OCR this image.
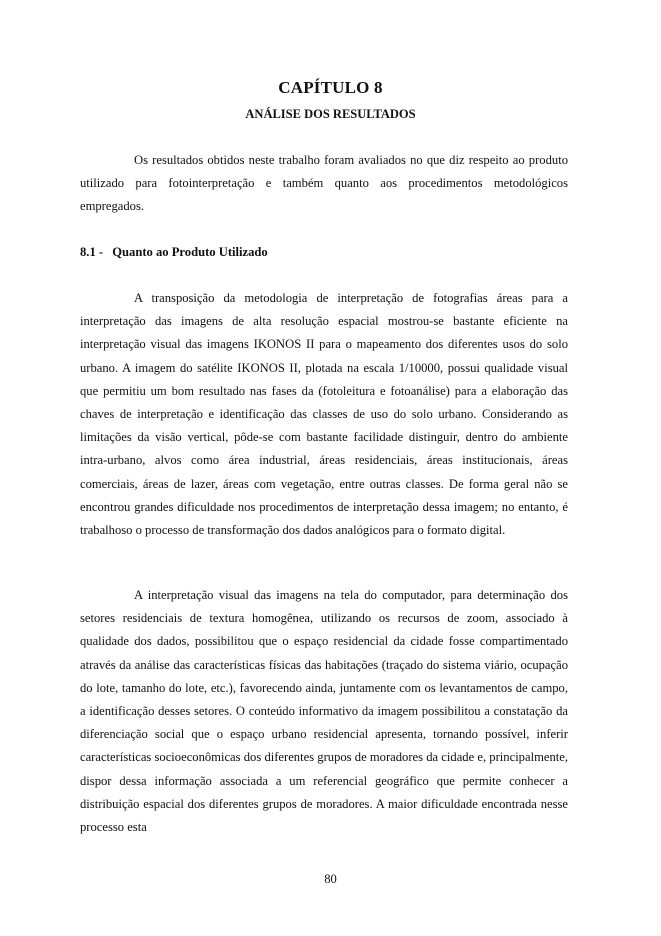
CAPÍTULO 8
ANÁLISE DOS RESULTADOS

Os resultados obtidos neste trabalho foram avaliados no que diz respeito ao produto utilizado para fotointerpretação e também quanto aos procedimentos metodológicos empregados.

8.1 - Quanto ao Produto Utilizado

A transposição da metodologia de interpretação de fotografias áreas para a interpretação das imagens de alta resolução espacial mostrou-se bastante eficiente na interpretação visual das imagens IKONOS II para o mapeamento dos diferentes usos do solo urbano. A imagem do satélite IKONOS II, plotada na escala 1/10000, possui qualidade visual que permitiu um bom resultado nas fases da (fotoleitura e fotoanálise) para a elaboração das chaves de interpretação e identificação das classes de uso do solo urbano. Considerando as limitações da visão vertical, pôde-se com bastante facilidade distinguir, dentro do ambiente intra-urbano, alvos como área industrial, áreas residenciais, áreas institucionais, áreas comerciais, áreas de lazer, áreas com vegetação, entre outras classes. De forma geral não se encontrou grandes dificuldade nos procedimentos de interpretação dessa imagem; no entanto, é trabalhoso o processo de transformação dos dados analógicos para o formato digital.

A interpretação visual das imagens na tela do computador, para determinação dos setores residenciais de textura homogênea, utilizando os recursos de zoom, associado à qualidade dos dados, possibilitou que o espaço residencial da cidade fosse compartimentado através da análise das características físicas das habitações (traçado do sistema viário, ocupação do lote, tamanho do lote, etc.), favorecendo ainda, juntamente com os levantamentos de campo, a identificação desses setores. O conteúdo informativo da imagem possibilitou a constatação da diferenciação social que o espaço urbano residencial apresenta, tornando possível, inferir características socioeconômicas dos diferentes grupos de moradores da cidade e, principalmente, dispor dessa informação associada a um referencial geográfico que permite conhecer a distribuição espacial dos diferentes grupos de moradores. A maior dificuldade encontrada nesse processo esta

80
